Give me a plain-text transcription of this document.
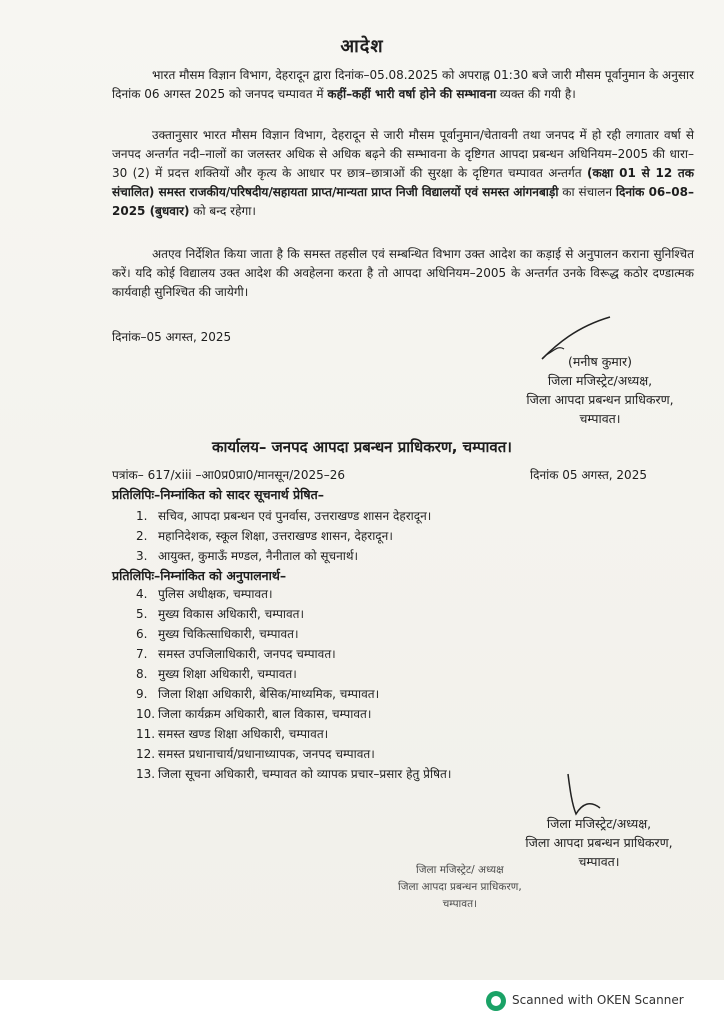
आदेश
भारत मौसम विज्ञान विभाग, देहरादून द्वारा दिनांक–05.08.2025 को अपराह्न 01:30 बजे जारी मौसम पूर्वानुमान के अनुसार दिनांक 06 अगस्त 2025 को जनपद चम्पावत में कहीं–कहीं भारी वर्षा होने की सम्भावना व्यक्त की गयी है।
उक्तानुसार भारत मौसम विज्ञान विभाग, देहरादून से जारी मौसम पूर्वानुमान/चेतावनी तथा जनपद में हो रही लगातार वर्षा से जनपद अन्तर्गत नदी–नालों का जलस्तर अधिक से अधिक बढ़ने की सम्भावना के दृष्टिगत आपदा प्रबन्धन अधिनियम–2005 की धारा–30 (2) में प्रदत्त शक्तियों और कृत्य के आधार पर छात्र–छात्राओं की सुरक्षा के दृष्टिगत चम्पावत अन्तर्गत (कक्षा 01 से 12 तक संचालित) समस्त राजकीय/परिषदीय/सहायता प्राप्त/मान्यता प्राप्त निजी विद्यालयों एवं समस्त आंगनबाड़ी का संचालन दिनांक 06–08–2025 (बुधवार) को बन्द रहेगा।
अतएव निर्देशित किया जाता है कि समस्त तहसील एवं सम्बन्धित विभाग उक्त आदेश का कड़ाई से अनुपालन कराना सुनिश्चित करें। यदि कोई विद्यालय उक्त आदेश की अवहेलना करता है तो आपदा अधिनियम–2005 के अन्तर्गत उनके विरूद्ध कठोर दण्डात्मक कार्यवाही सुनिश्चित की जायेगी।
दिनांक–05 अगस्त, 2025
(मनीष कुमार)
जिला मजिस्ट्रेट/अध्यक्ष,
जिला आपदा प्रबन्धन प्राधिकरण,
चम्पावत।
कार्यालय– जनपद आपदा प्रबन्धन प्राधिकरण, चम्पावत।
पत्रांक– 617/xiii –आ0प्र0प्रा0/मानसून/2025–26	दिनांक 05 अगस्त, 2025
प्रतिलिपिः–निम्नांकित को सादर सूचनार्थ प्रेषित–
1. सचिव, आपदा प्रबन्धन एवं पुनर्वास, उत्तराखण्ड शासन देहरादून।
2. महानिदेशक, स्कूल शिक्षा, उत्तराखण्ड शासन, देहरादून।
3. आयुक्त, कुमाऊँ मण्डल, नैनीताल को सूचनार्थ।
प्रतिलिपिः–निम्नांकित को अनुपालनार्थ–
4. पुलिस अधीक्षक, चम्पावत।
5. मुख्य विकास अधिकारी, चम्पावत।
6. मुख्य चिकित्साधिकारी, चम्पावत।
7. समस्त उपजिलाधिकारी, जनपद चम्पावत।
8. मुख्य शिक्षा अधिकारी, चम्पावत।
9. जिला शिक्षा अधिकारी, बेसिक/माध्यमिक, चम्पावत।
10. जिला कार्यक्रम अधिकारी, बाल विकास, चम्पावत।
11. समस्त खण्ड शिक्षा अधिकारी, चम्पावत।
12. समस्त प्रधानाचार्य/प्रधानाध्यापक, जनपद चम्पावत।
13. जिला सूचना अधिकारी, चम्पावत को व्यापक प्रचार–प्रसार हेतु प्रेषित।
जिला मजिस्ट्रेट/अध्यक्ष,
जिला आपदा प्रबन्धन प्राधिकरण,
चम्पावत।
जिला मजिस्ट्रेट/ अध्यक्ष
जिला आपदा प्रबन्धन प्राधिकरण,
चम्पावत।
Scanned with OKEN Scanner
